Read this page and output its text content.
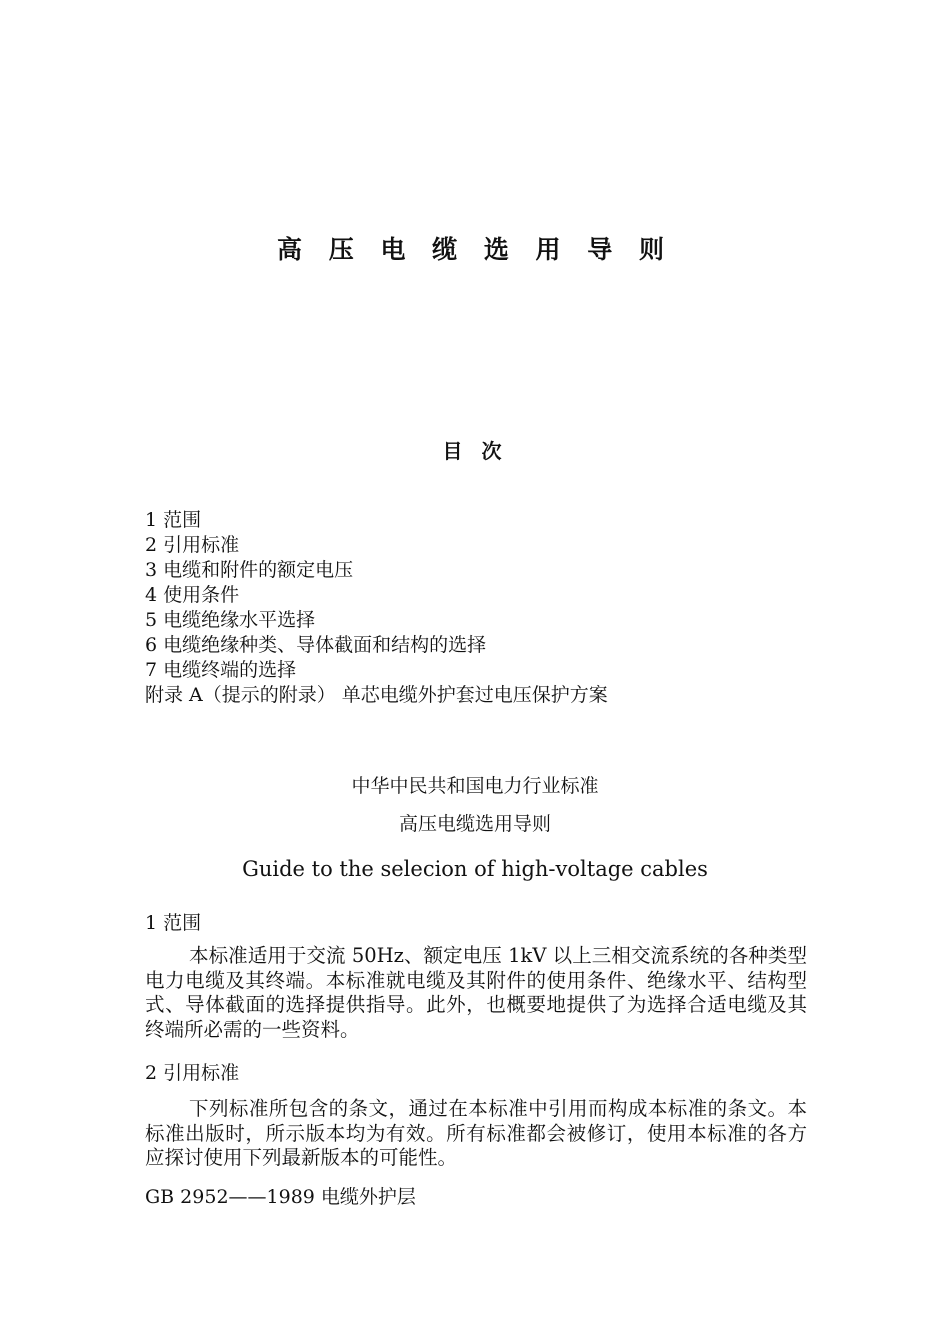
高 压 电 缆 选 用 导 则
目 次
1 范围
2 引用标准
3 电缆和附件的额定电压
4 使用条件
5 电缆绝缘水平选择
6 电缆绝缘种类、导体截面和结构的选择
7 电缆终端的选择
附录 A（提示的附录） 单芯电缆外护套过电压保护方案

中华中民共和国电力行业标准

高压电缆选用导则

Guide to the selecion of high-voltage cables

1 范围

本标准适用于交流 50Hz、额定电压 1kV 以上三相交流系统的各种类型电力电缆及其终端。本标准就电缆及其附件的使用条件、绝缘水平、结构型式、导体截面的选择提供指导。此外，也概要地提供了为选择合适电缆及其终端所必需的一些资料。

2 引用标准

下列标准所包含的条文，通过在本标准中引用而构成本标准的条文。本标准出版时，所示版本均为有效。所有标准都会被修订，使用本标准的各方应探讨使用下列最新版本的可能性。

GB 2952——1989 电缆外护层
